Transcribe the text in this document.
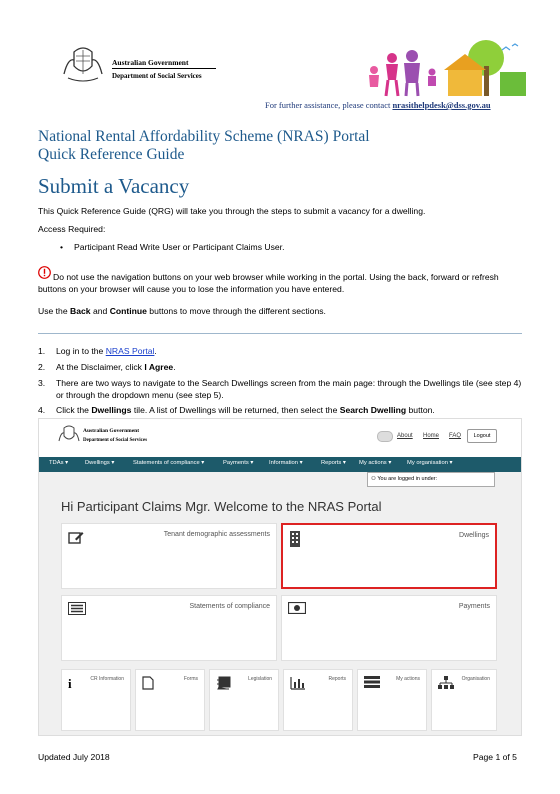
Australian Government
Department of Social Services
For further assistance, please contact nrasithelpdesk@dss.gov.au
National Rental Affordability Scheme (NRAS) Portal
Quick Reference Guide
Submit a Vacancy
This Quick Reference Guide (QRG) will take you through the steps to submit a vacancy for a dwelling.
Access Required:
• Participant Read Write User or Participant Claims User.
Do not use the navigation buttons on your web browser while working in the portal. Using the back, forward or refresh buttons on your browser will cause you to lose the information you have entered.
Use the Back and Continue buttons to move through the different sections.
1. Log in to the NRAS Portal.
2. At the Disclaimer, click I Agree.
3. There are two ways to navigate to the Search Dwellings screen from the main page: through the Dwellings tile (see step 4) or through the dropdown menu (see step 5).
4. Click the Dwellings tile. A list of Dwellings will be returned, then select the Search Dwelling button.
Australian Government
Department of Social Services
About Home FAQ	Logout
TDAs ▾	Dwellings ▾	Statements of compliance ▾	Payments ▾	Information ▾	Reports ▾ My actions ▾	My organisation ▾
⚇ You are logged in under:
Hi Participant Claims Mgr. Welcome to the NRAS Portal
Tenant demographic assessments	Dwellings
Statements of compliance	Payments
i	CR Information	Forms	Legislation	Reports	My actions	Organisation
Updated July 2018	Page 1 of 5
